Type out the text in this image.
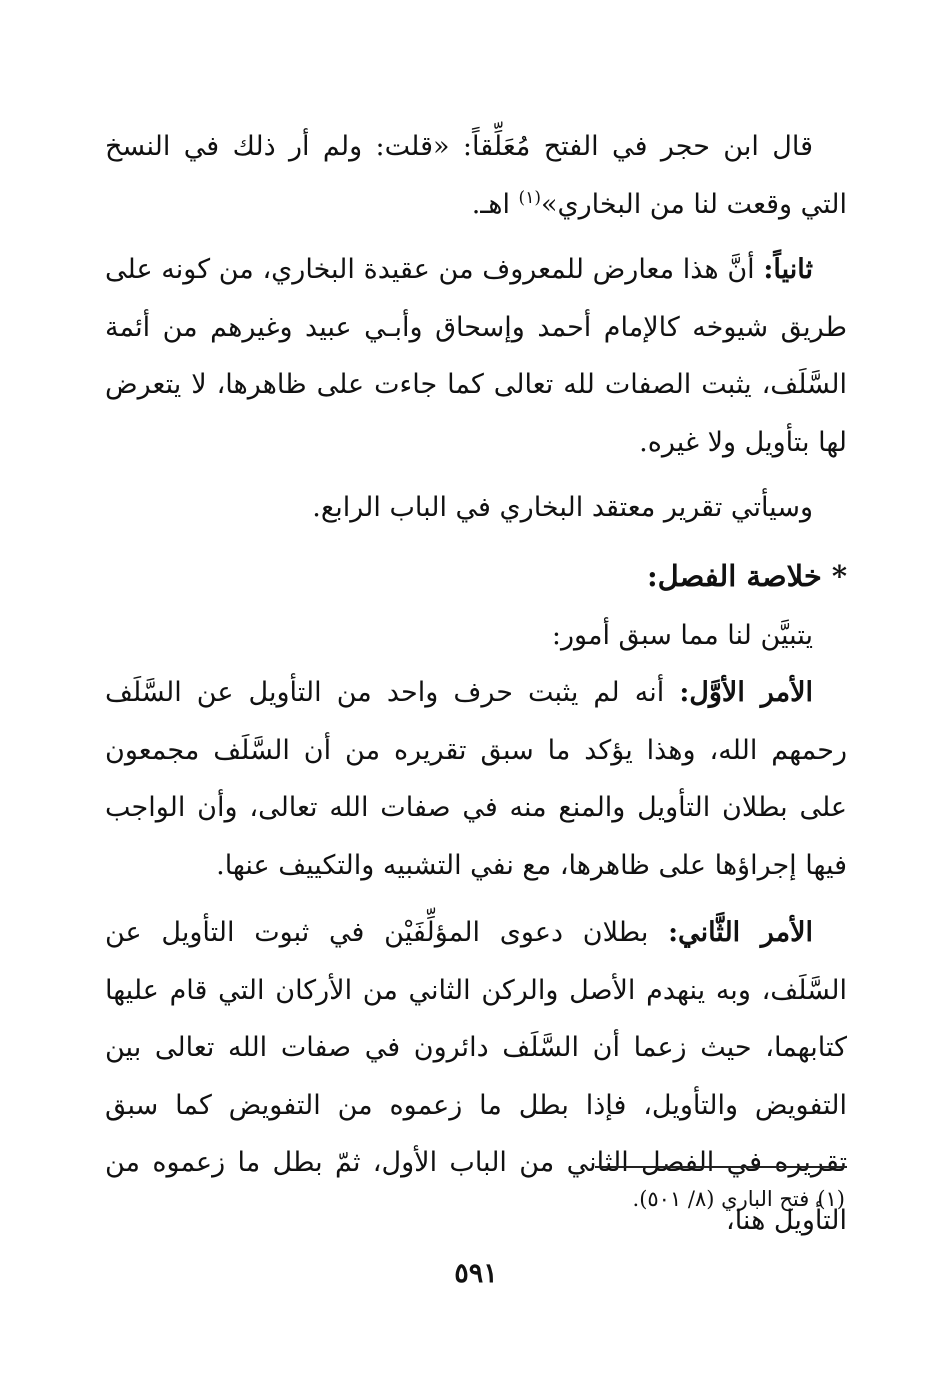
قال ابن حجر في الفتح مُعَلِّقاً: «قلت: ولم أر ذلك في النسخ التي وقعت لنا من البخاري»$^{(١)}$ اهـ.

ثانياً: أنَّ هذا معارض للمعروف من عقيدة البخاري، من كونه على طريق شيوخه كالإمام أحمد وإسحاق وأبـي عبيد وغيرهم من أئمة السَّلَف، يثبت الصفات لله تعالى كما جاءت على ظاهرها، لا يتعرض لها بتأويل ولا غيره.

وسيأتي تقرير معتقد البخاري في الباب الرابع.

*خلاصة الفصل:

يتبيَّن لنا مما سبق أمور:

الأمر الأوَّل: أنه لم يثبت حرف واحد من التأويل عن السَّلَف رحمهم الله، وهذا يؤكد ما سبق تقريره من أن السَّلَف مجمعون على بطلان التأويل والمنع منه في صفات الله تعالى، وأن الواجب فيها إجراؤها على ظاهرها، مع نفي التشبيه والتكييف عنها.

الأمر الثَّاني: بطلان دعوى المؤلِّفَيْن في ثبوت التأويل عن السَّلَف، وبه ينهدم الأصل والركن الثاني من الأركان التي قام عليها كتابهما، حيث زعما أن السَّلَف دائرون في صفات الله تعالى بين التفويض والتأويل، فإذا بطل ما زعموه من التفويض كما سبق تقريره في الفصل الثاني من الباب الأول، ثمّ بطل ما زعموه من التأويل هنا،

(١)فتح الباري (٨/ ٥٠١).
٥٩١
